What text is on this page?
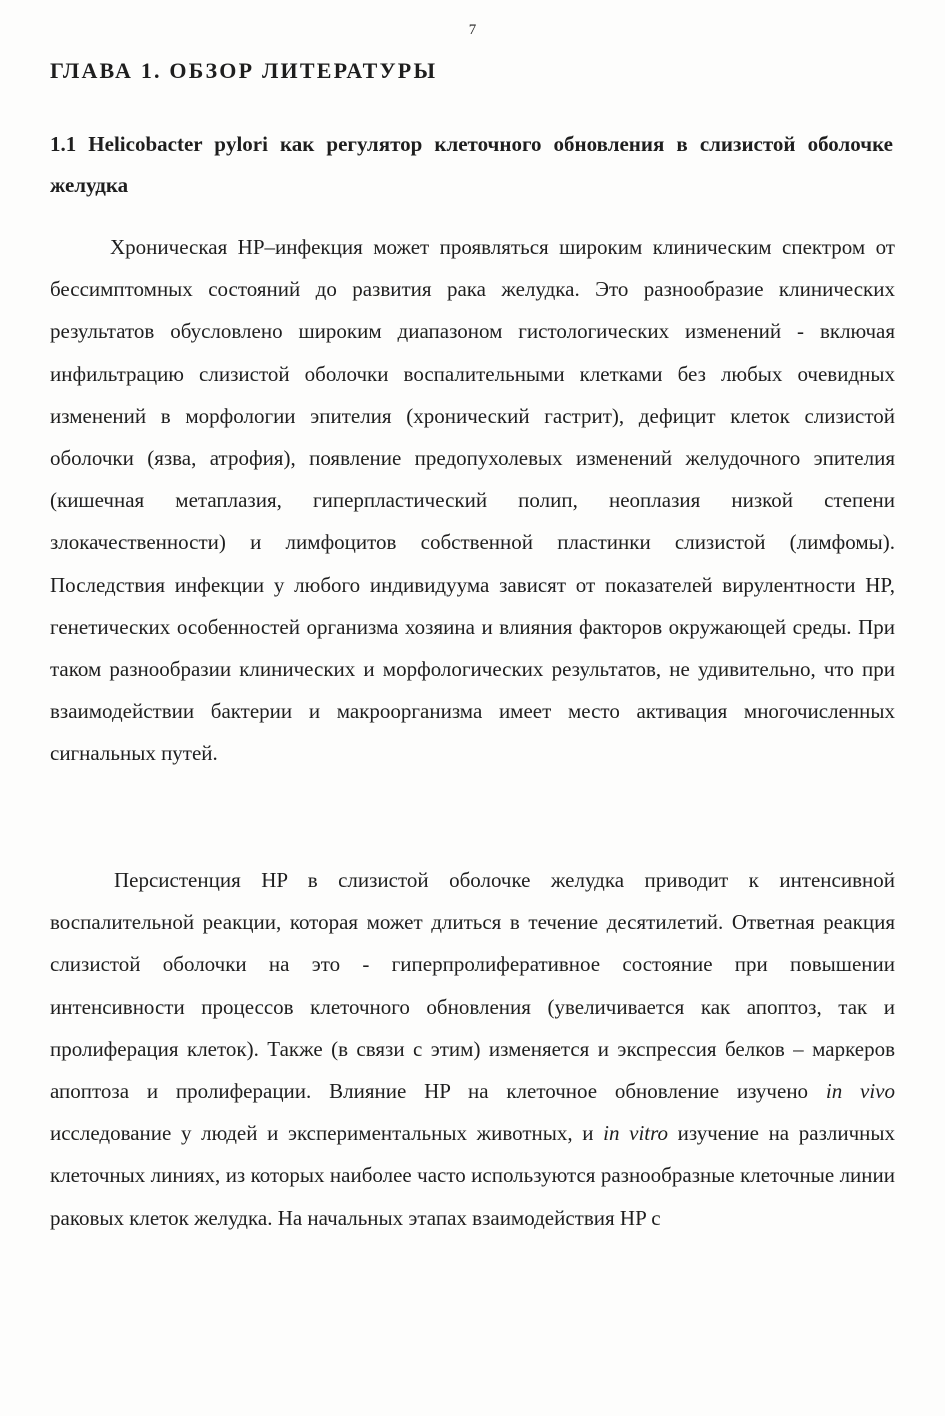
7
ГЛАВА 1. ОБЗОР ЛИТЕРАТУРЫ
1.1 Helicobacter pylori как регулятор клеточного обновления в слизистой оболочке желудка

Хроническая HP–инфекция может проявляться широким клиническим спектром от бессимптомных состояний до развития рака желудка. Это разнообразие клинических результатов обусловлено широким диапазоном гистологических изменений - включая инфильтрацию слизистой оболочки воспалительными клетками без любых очевидных изменений в морфологии эпителия (хронический гастрит), дефицит клеток слизистой оболочки (язва, атрофия), появление предопухолевых изменений желудочного эпителия (кишечная метаплазия, гиперпластический полип, неоплазия низкой степени злокачественности) и лимфоцитов собственной пластинки слизистой (лимфомы). Последствия инфекции у любого индивидуума зависят от показателей вирулентности HP, генетических особенностей организма хозяина и влияния факторов окружающей среды. При таком разнообразии клинических и морфологических результатов, не удивительно, что при взаимодействии бактерии и макроорганизма имеет место активация многочисленных сигнальных путей.

Персистенция HP в слизистой оболочке желудка приводит к интенсивной воспалительной реакции, которая может длиться в течение десятилетий. Ответная реакция слизистой оболочки на это - гиперпролиферативное состояние при повышении интенсивности процессов клеточного обновления (увеличивается как апоптоз, так и пролиферация клеток). Также (в связи с этим) изменяется и экспрессия белков – маркеров апоптоза и пролиферации. Влияние HP на клеточное обновление изучено in vivo исследование у людей и экспериментальных животных, и in vitro изучение на различных клеточных линиях, из которых наиболее часто используются разнообразные клеточные линии раковых клеток желудка. На начальных этапах взаимодействия HP с
